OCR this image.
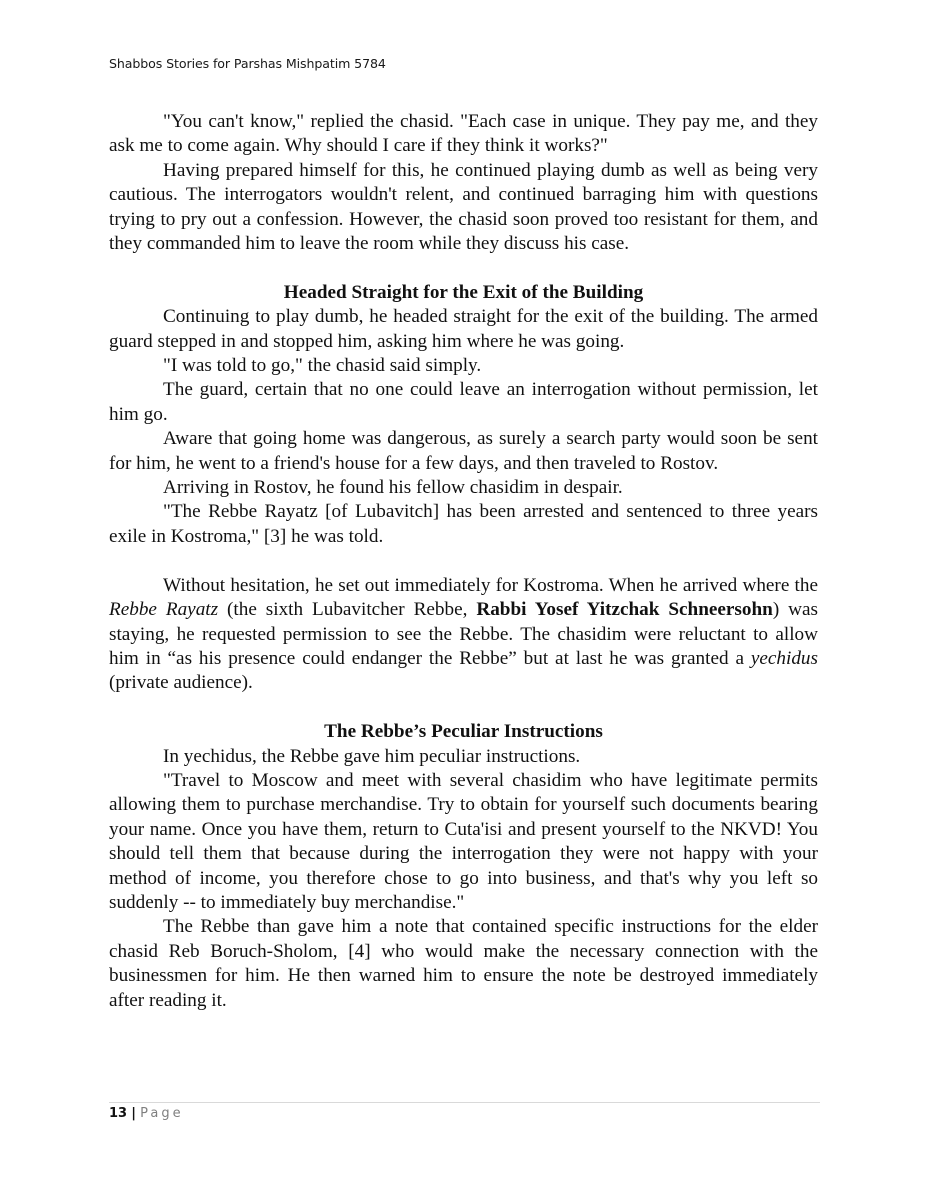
Shabbos Stories for Parshas Mishpatim 5784

"You can't know," replied the chasid. "Each case in unique. They pay me, and they ask me to come again. Why should I care if they think it works?"

Having prepared himself for this, he continued playing dumb as well as being very cautious. The interrogators wouldn't relent, and continued barraging him with questions trying to pry out a confession. However, the chasid soon proved too resistant for them, and they commanded him to leave the room while they discuss his case.

Headed Straight for the Exit of the Building

Continuing to play dumb, he headed straight for the exit of the building. The armed guard stepped in and stopped him, asking him where he was going.

"I was told to go," the chasid said simply.

The guard, certain that no one could leave an interrogation without permission, let him go.

Aware that going home was dangerous, as surely a search party would soon be sent for him, he went to a friend's house for a few days, and then traveled to Rostov.

Arriving in Rostov, he found his fellow chasidim in despair.

"The Rebbe Rayatz [of Lubavitch] has been arrested and sentenced to three years exile in Kostroma," [3] he was told.

Without hesitation, he set out immediately for Kostroma. When he arrived where the Rebbe Rayatz (the sixth Lubavitcher Rebbe, Rabbi Yosef Yitzchak Schneersohn) was staying, he requested permission to see the Rebbe. The chasidim were reluctant to allow him in “as his presence could endanger the Rebbe” but at last he was granted a yechidus (private audience).

The Rebbe’s Peculiar Instructions

In yechidus, the Rebbe gave him peculiar instructions.

"Travel to Moscow and meet with several chasidim who have legitimate permits allowing them to purchase merchandise. Try to obtain for yourself such documents bearing your name. Once you have them, return to Cuta'isi and present yourself to the NKVD! You should tell them that because during the interrogation they were not happy with your method of income, you therefore chose to go into business, and that's why you left so suddenly -- to immediately buy merchandise."

The Rebbe than gave him a note that contained specific instructions for the elder chasid Reb Boruch-Sholom, [4] who would make the necessary connection with the businessmen for him. He then warned him to ensure the note be destroyed immediately after reading it.

13 | Page
